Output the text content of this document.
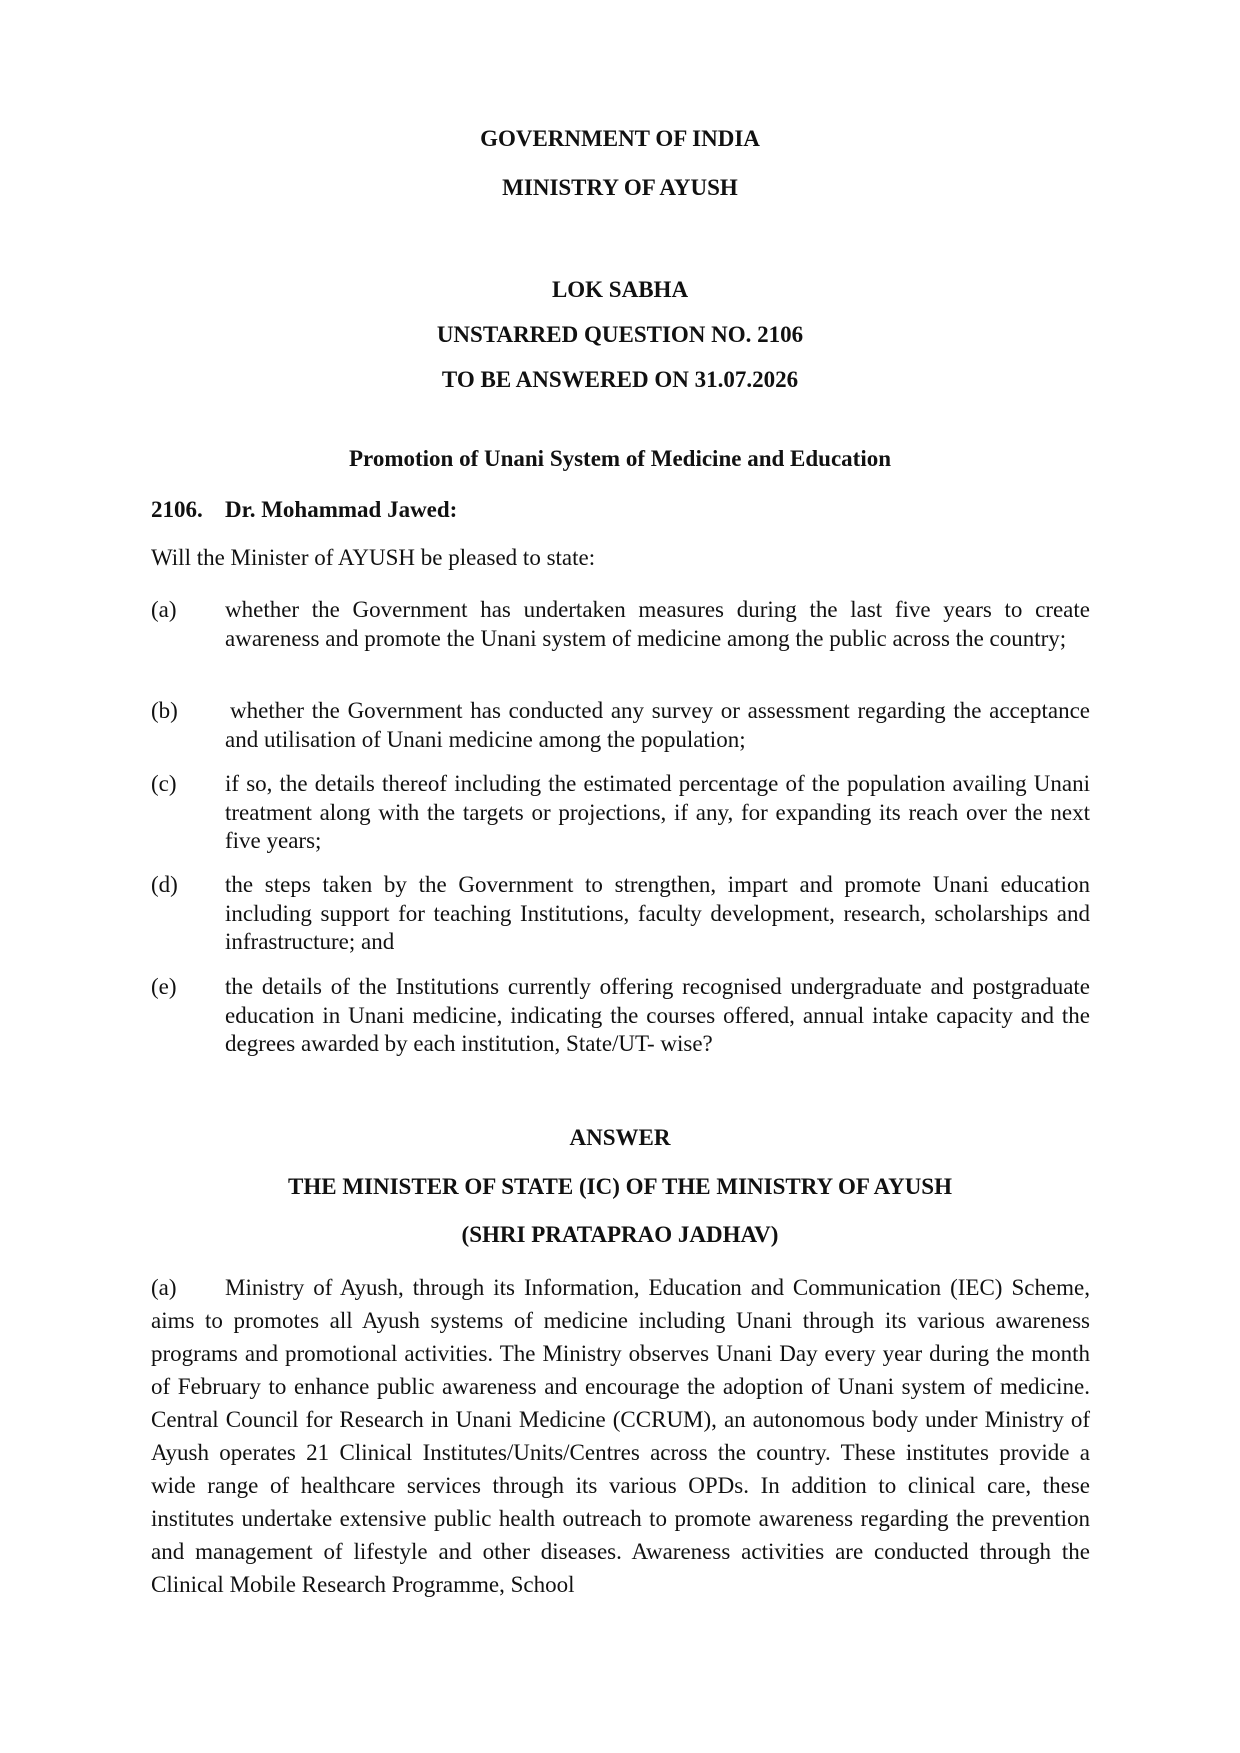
GOVERNMENT OF INDIA
MINISTRY OF AYUSH
LOK SABHA
UNSTARRED QUESTION NO. 2106
TO BE ANSWERED ON 31.07.2026
Promotion of Unani System of Medicine and Education
2106. Dr. Mohammad Jawed:
Will the Minister of AYUSH be pleased to state:
(a) whether the Government has undertaken measures during the last five years to create awareness and promote the Unani system of medicine among the public across the country;
(b) whether the Government has conducted any survey or assessment regarding the acceptance and utilisation of Unani medicine among the population;
(c) if so, the details thereof including the estimated percentage of the population availing Unani treatment along with the targets or projections, if any, for expanding its reach over the next five years;
(d) the steps taken by the Government to strengthen, impart and promote Unani education including support for teaching Institutions, faculty development, research, scholarships and infrastructure; and
(e) the details of the Institutions currently offering recognised undergraduate and postgraduate education in Unani medicine, indicating the courses offered, annual intake capacity and the degrees awarded by each institution, State/UT- wise?
ANSWER
THE MINISTER OF STATE (IC) OF THE MINISTRY OF AYUSH
(SHRI PRATAPRAO JADHAV)
(a) Ministry of Ayush, through its Information, Education and Communication (IEC) Scheme, aims to promotes all Ayush systems of medicine including Unani through its various awareness programs and promotional activities. The Ministry observes Unani Day every year during the month of February to enhance public awareness and encourage the adoption of Unani system of medicine. Central Council for Research in Unani Medicine (CCRUM), an autonomous body under Ministry of Ayush operates 21 Clinical Institutes/Units/Centres across the country. These institutes provide a wide range of healthcare services through its various OPDs. In addition to clinical care, these institutes undertake extensive public health outreach to promote awareness regarding the prevention and management of lifestyle and other diseases. Awareness activities are conducted through the Clinical Mobile Research Programme, School
